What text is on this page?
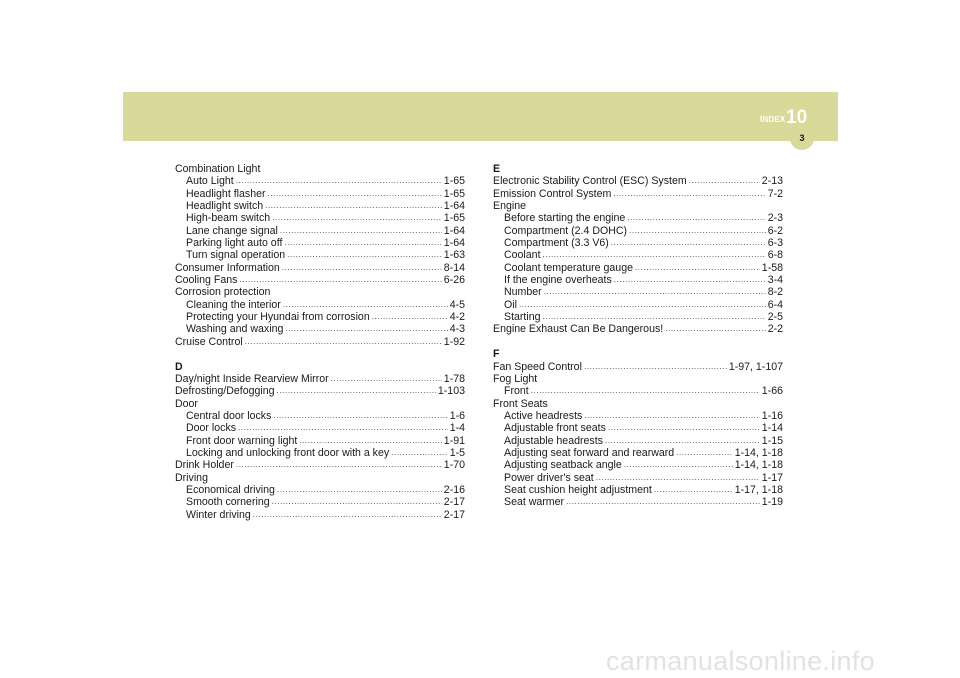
INDEX 10
3
Combination Light
Auto Light .....	1-65
Headlight flasher .....	1-65
Headlight switch .....	1-64
High-beam switch .....	1-65
Lane change signal .....	1-64
Parking light auto off .....	1-64
Turn signal operation .....	1-63
Consumer Information .....	8-14
Cooling Fans .....	6-26
Corrosion protection
Cleaning the interior .....	4-5
Protecting your Hyundai from corrosion .....	4-2
Washing and waxing .....	4-3
Cruise Control .....	1-92
D
Day/night Inside Rearview Mirror .....	1-78
Defrosting/Defogging .....	1-103
Door
Central door locks .....	1-6
Door locks .....	1-4
Front door warning light .....	1-91
Locking and unlocking front door with a key .....	1-5
Drink Holder .....	1-70
Driving
Economical driving .....	2-16
Smooth cornering .....	2-17
Winter driving .....	2-17
E
Electronic Stability Control (ESC) System .....	2-13
Emission Control System .....	7-2
Engine
Before starting the engine .....	2-3
Compartment (2.4 DOHC) .....	6-2
Compartment (3.3 V6) .....	6-3
Coolant .....	6-8
Coolant temperature gauge .....	1-58
If the engine overheats .....	3-4
Number .....	8-2
Oil .....	6-4
Starting .....	2-5
Engine Exhaust Can Be Dangerous! .....	2-2
F
Fan Speed Control .....	1-97, 1-107
Fog Light
Front .....	1-66
Front Seats
Active headrests .....	1-16
Adjustable front seats .....	1-14
Adjustable headrests .....	1-15
Adjusting seat forward and rearward .....	1-14, 1-18
Adjusting seatback angle .....	1-14, 1-18
Power driver's seat .....	1-17
Seat cushion height adjustment .....	1-17, 1-18
Seat warmer .....	1-19
carmanualsonline.info
